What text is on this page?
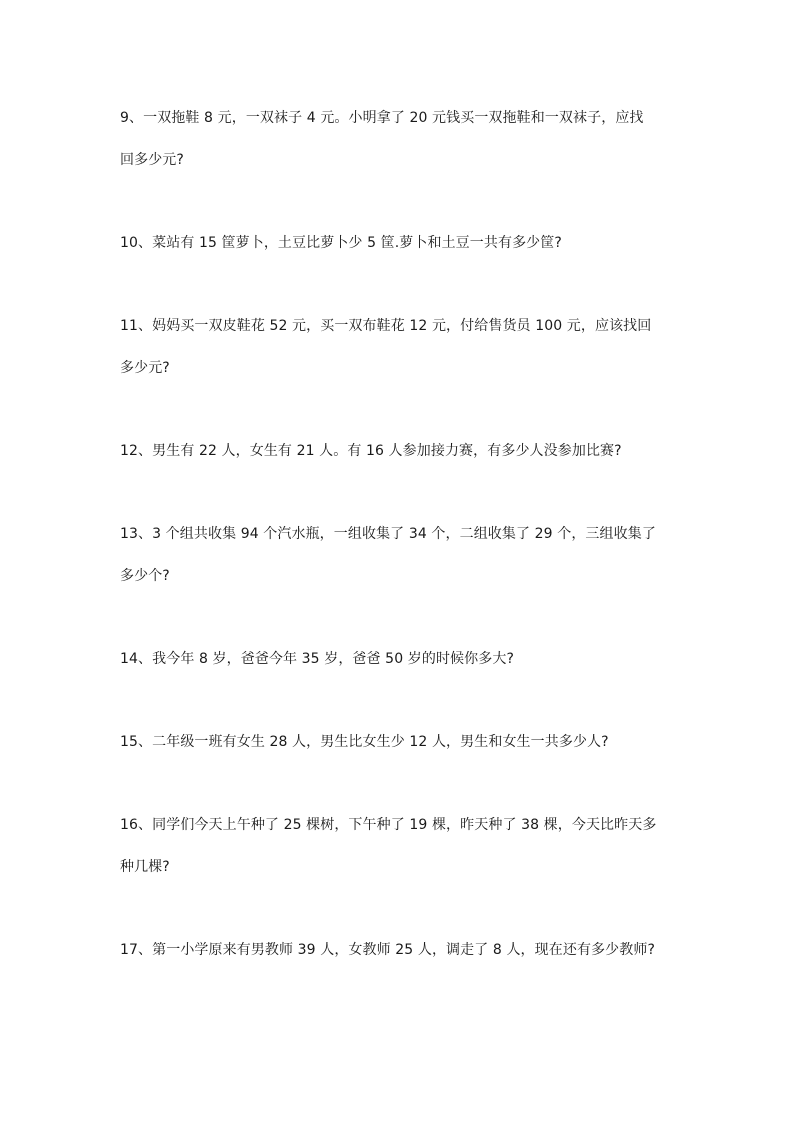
9、一双拖鞋 8 元，一双袜子 4 元。小明拿了 20 元钱买一双拖鞋和一双袜子，应找
回多少元?
10、菜站有 15 筐萝卜，土豆比萝卜少 5 筐.萝卜和土豆一共有多少筐?
11、妈妈买一双皮鞋花 52 元，买一双布鞋花 12 元，付给售货员 100 元，应该找回
多少元?
12、男生有 22 人，女生有 21 人。有 16 人参加接力赛，有多少人没参加比赛?
13、3 个组共收集 94 个汽水瓶，一组收集了 34 个，二组收集了 29 个，三组收集了
多少个?
14、我今年 8 岁，爸爸今年 35 岁，爸爸 50 岁的时候你多大?
15、二年级一班有女生 28 人，男生比女生少 12 人，男生和女生一共多少人?
16、同学们今天上午种了 25 棵树，下午种了 19 棵，昨天种了 38 棵，今天比昨天多
种几棵?
17、第一小学原来有男教师 39 人，女教师 25 人，调走了 8 人，现在还有多少教师?
